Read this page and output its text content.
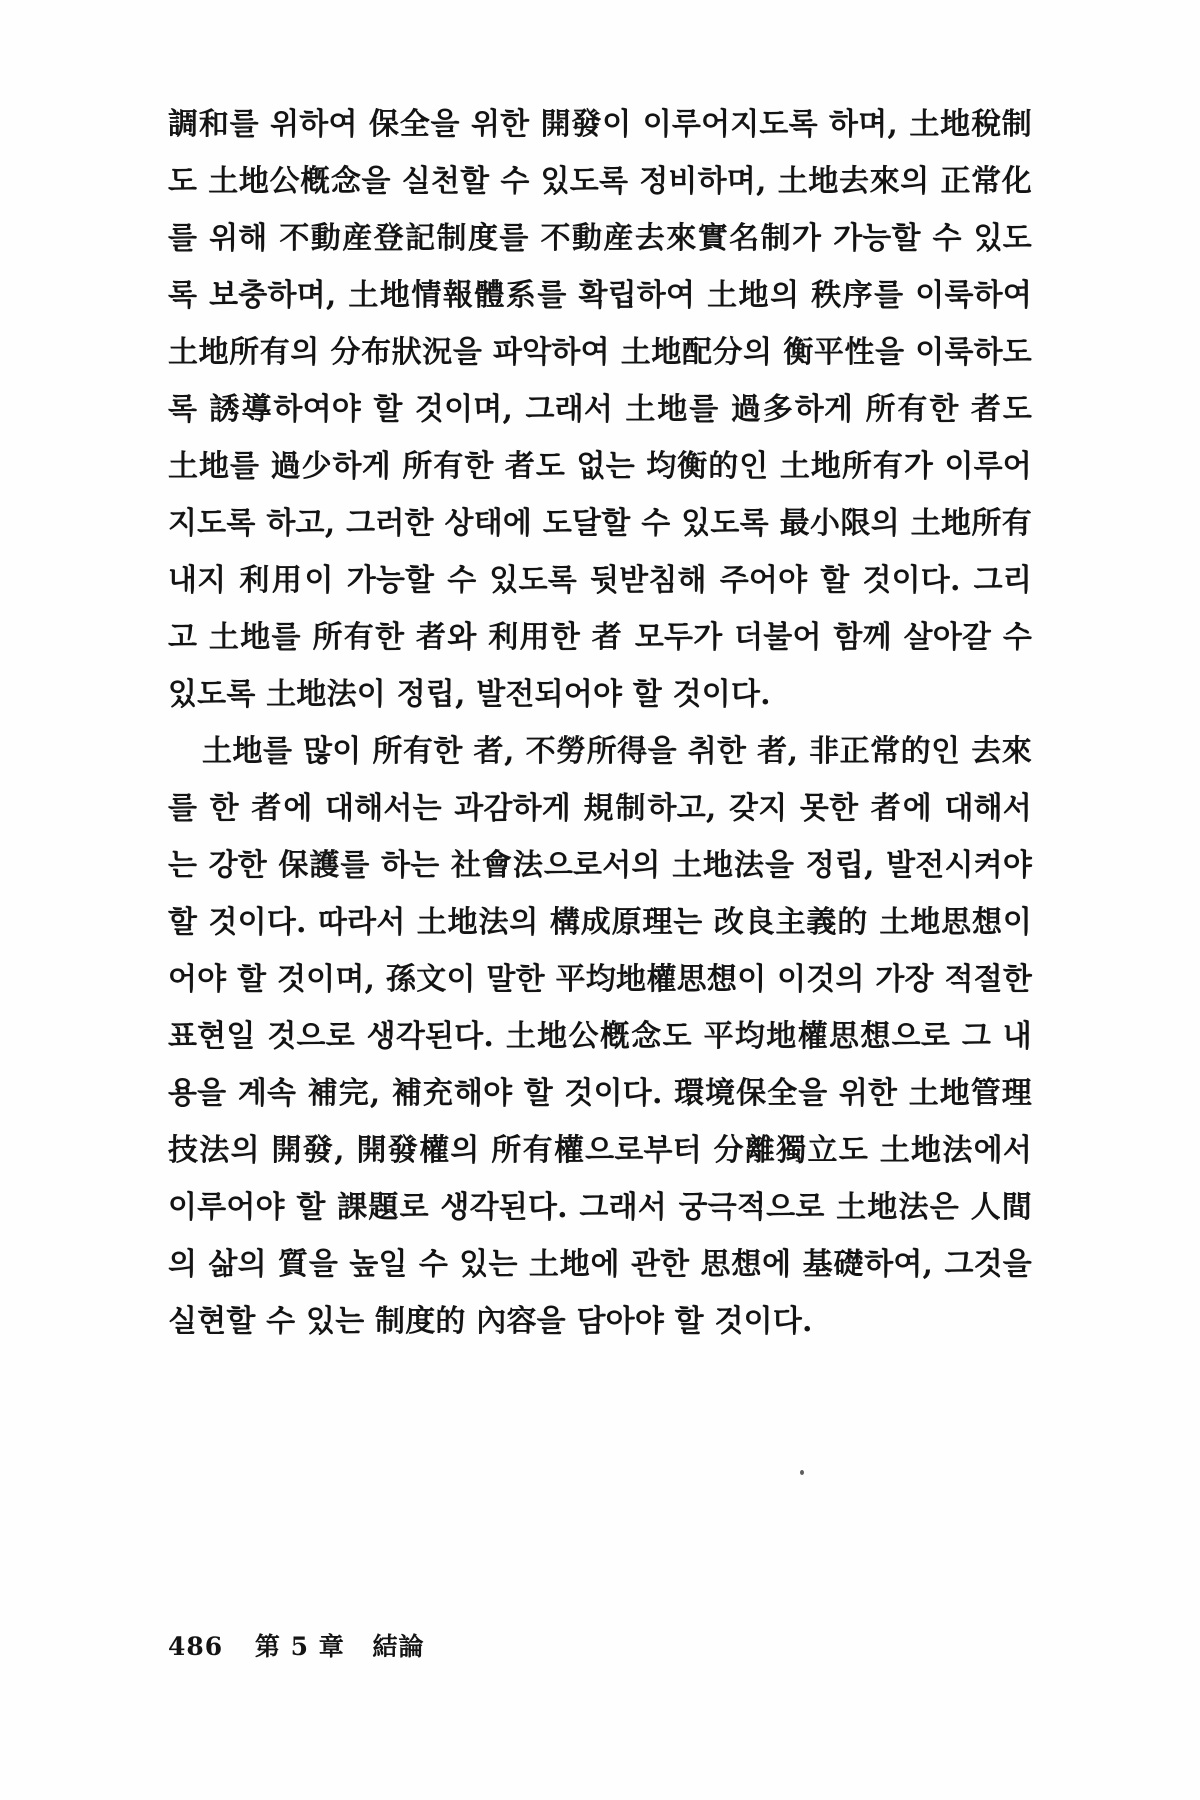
調和를 위하여 保全을 위한 開發이 이루어지도록 하며, 土地稅制도 土地公槪念을 실천할 수 있도록 정비하며, 土地去來의 正常化를 위해 不動産登記制度를 不動産去來實名制가 가능할 수 있도록 보충하며, 土地情報體系를 확립하여 土地의 秩序를 이룩하여 土地所有의 分布狀況을 파악하여 土地配分의 衡平性을 이룩하도록 誘導하여야 할 것이며, 그래서 土地를 過多하게 所有한 者도 土地를 過少하게 所有한 者도 없는 均衡的인 土地所有가 이루어지도록 하고, 그러한 상태에 도달할 수 있도록 最小限의 土地所有 내지 利用이 가능할 수 있도록 뒷받침해 주어야 할 것이다. 그리고 土地를 所有한 者와 利用한 者 모두가 더불어 함께 살아갈 수 있도록 土地法이 정립, 발전되어야 할 것이다.

土地를 많이 所有한 者, 不勞所得을 취한 者, 非正常的인 去來를 한 者에 대해서는 과감하게 規制하고, 갖지 못한 者에 대해서는 강한 保護를 하는 社會法으로서의 土地法을 정립, 발전시켜야 할 것이다. 따라서 土地法의 構成原理는 改良主義的 土地思想이어야 할 것이며, 孫文이 말한 平均地權思想이 이것의 가장 적절한 표현일 것으로 생각된다. 土地公槪念도 平均地權思想으로 그 내용을 계속 補完, 補充해야 할 것이다. 環境保全을 위한 土地管理技法의 開發, 開發權의 所有權으로부터 分離獨立도 土地法에서 이루어야 할 課題로 생각된다. 그래서 궁극적으로 土地法은 人間의 삶의 質을 높일 수 있는 土地에 관한 思想에 基礎하여, 그것을 실현할 수 있는 制度的 內容을 담아야 할 것이다.

486 第 5 章 結論
